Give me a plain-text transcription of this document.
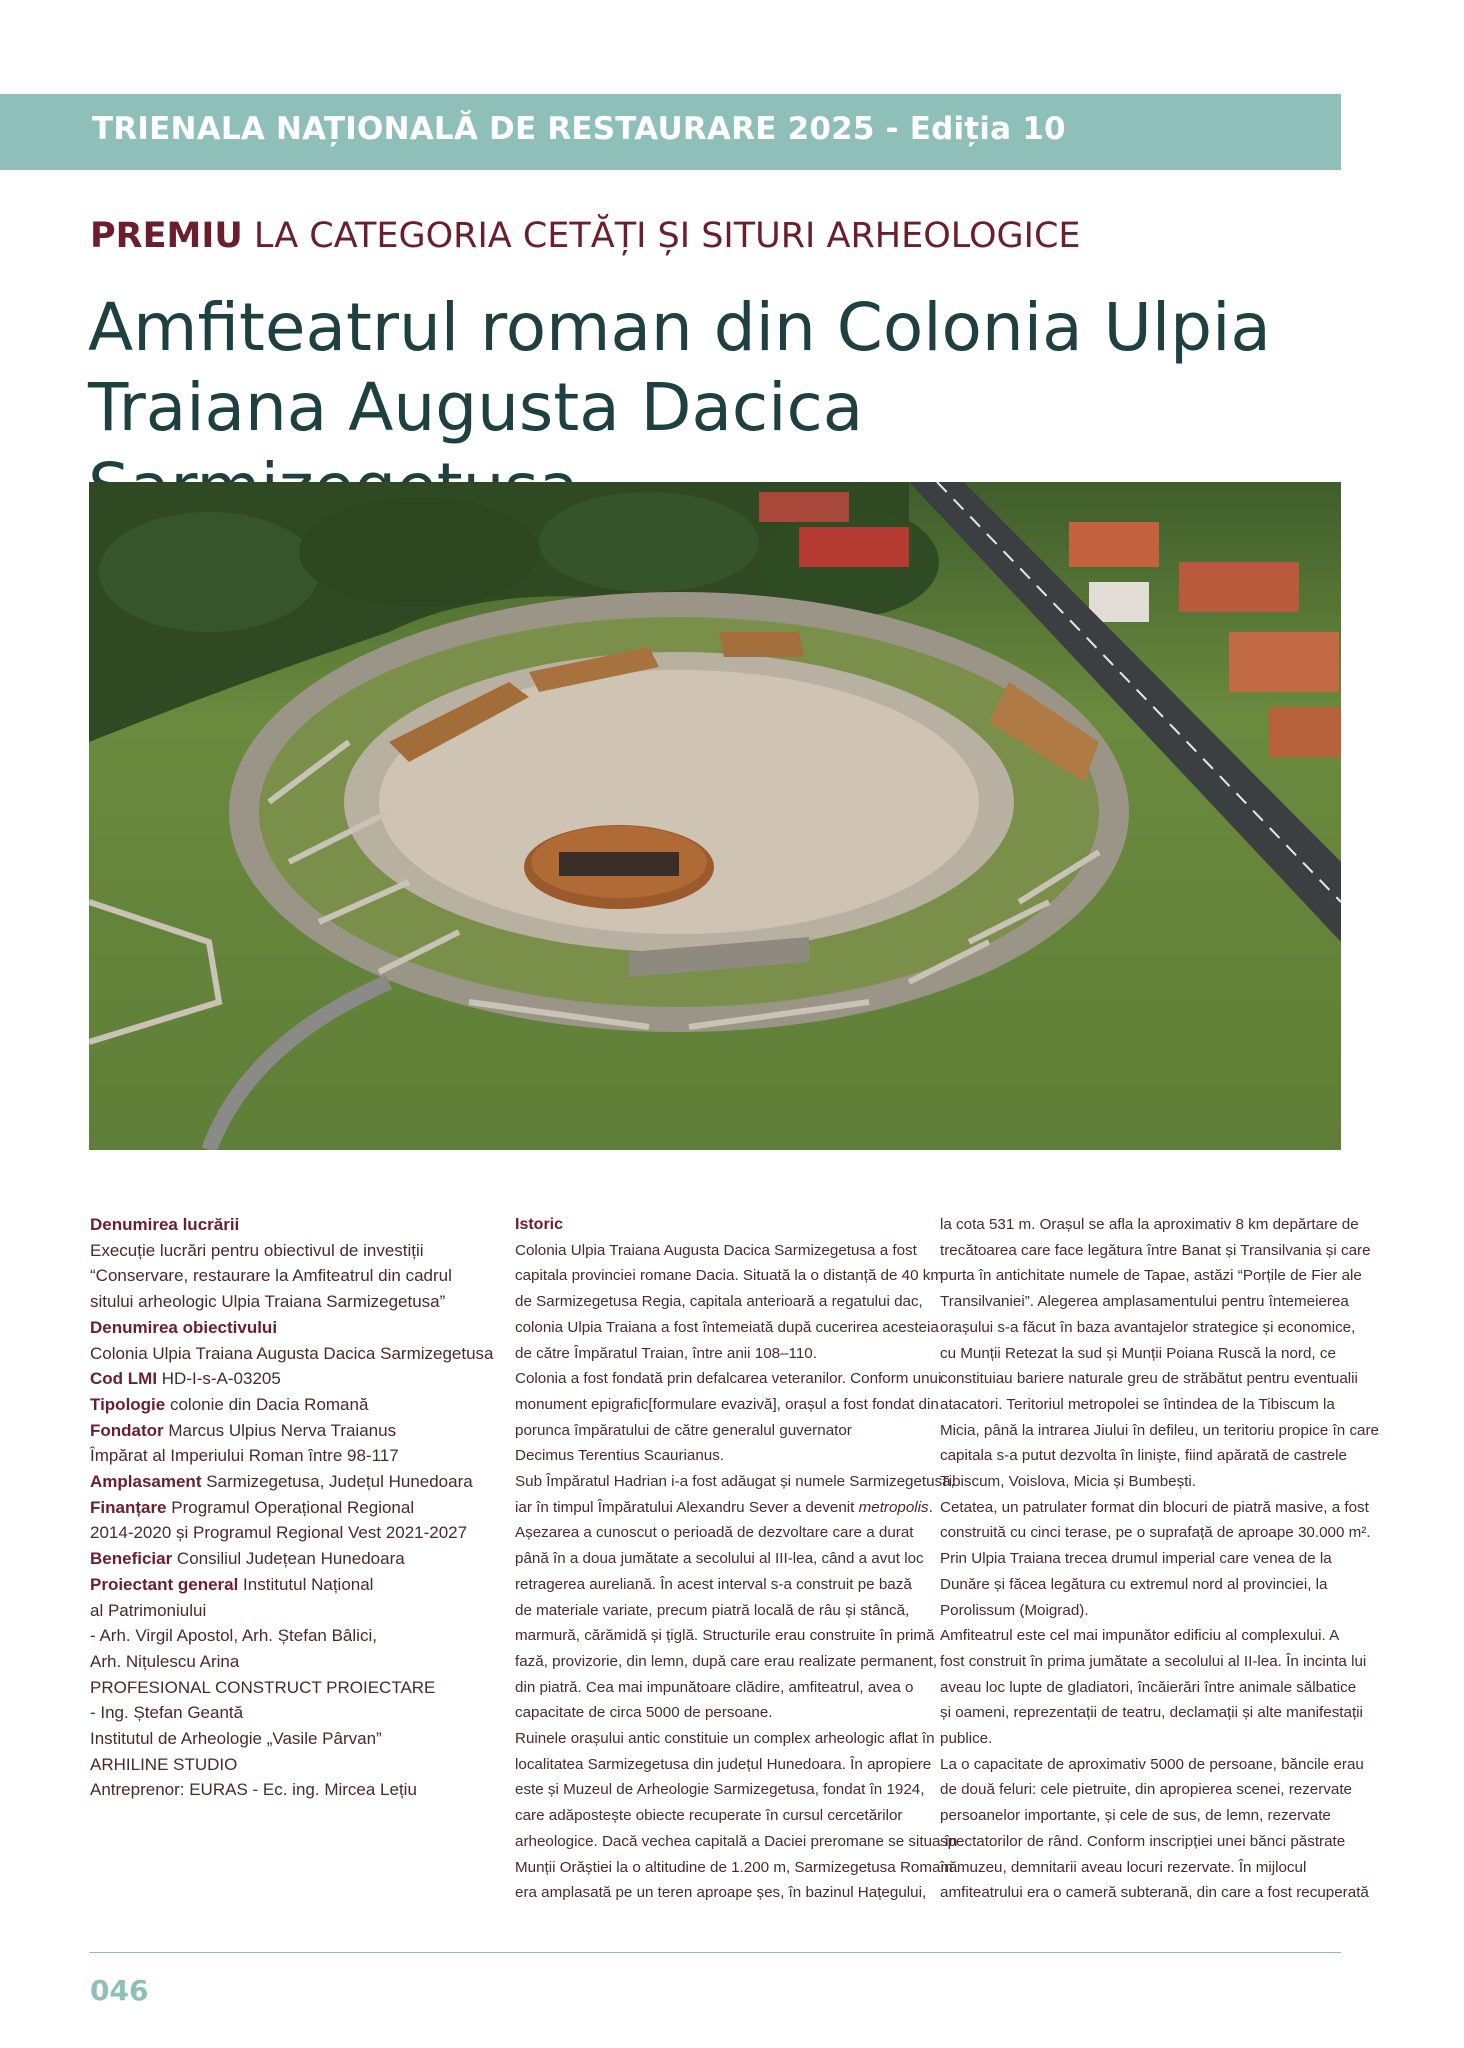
TRIENALA NAȚIONALĂ DE RESTAURARE 2025 - Ediția 10
PREMIU LA CATEGORIA CETĂȚI ȘI SITURI ARHEOLOGICE
Amfiteatrul roman din Colonia Ulpia Traiana Augusta Dacica
Denumirea lucrării
Execuție lucrări pentru obiectivul de investiții
“Conservare, restaurare la Amfiteatrul din cadrul
sitului arheologic Ulpia Traiana Sarmizegetusa”
Denumirea obiectivului
Colonia Ulpia Traiana Augusta Dacica Sarmizegetusa
Cod LMI HD-I-s-A-03205
Tipologie colonie din Dacia Romană
Fondator Marcus Ulpius Nerva Traianus
Împărat al Imperiului Roman între 98-117
Amplasament Sarmizegetusa, Județul Hunedoara
Finanțare Programul Operațional Regional
2014-2020 și Programul Regional Vest 2021-2027
Beneficiar Consiliul Județean Hunedoara
Proiectant general Institutul Național
al Patrimoniului
- Arh. Virgil Apostol, Arh. Ștefan Bâlici,
Arh. Nițulescu Arina
PROFESIONAL CONSTRUCT PROIECTARE
- Ing. Ștefan Geantă
Institutul de Arheologie „Vasile Pârvan”
ARHILINE STUDIO
Antreprenor: EURAS - Ec. ing. Mircea Lețiu
Istoric
Colonia Ulpia Traiana Augusta Dacica Sarmizegetusa a fost
capitala provinciei romane Dacia. Situată la o distanță de 40 km
de Sarmizegetusa Regia, capitala anterioară a regatului dac,
colonia Ulpia Traiana a fost întemeiată după cucerirea acesteia
de către Împăratul Traian, între anii 108–110.
Colonia a fost fondată prin defalcarea veteranilor. Conform unui
monument epigrafic[formulare evazivă], orașul a fost fondat din
porunca împăratului de către generalul guvernator
Decimus Terentius Scaurianus.
Sub Împăratul Hadrian i-a fost adăugat și numele Sarmizegetusa,
iar în timpul Împăratului Alexandru Sever a devenit metropolis.
Așezarea a cunoscut o perioadă de dezvoltare care a durat
până în a doua jumătate a secolului al III-lea, când a avut loc
retragerea aureliană. În acest interval s-a construit pe bază
de materiale variate, precum piatră locală de râu și stâncă,
marmură, cărămidă și țiglă. Structurile erau construite în primă
fază, provizorie, din lemn, după care erau realizate permanent,
din piatră. Cea mai impunătoare clădire, amfiteatrul, avea o
capacitate de circa 5000 de persoane.
Ruinele orașului antic constituie un complex arheologic aflat în
localitatea Sarmizegetusa din județul Hunedoara. În apropiere
este și Muzeul de Arheologie Sarmizegetusa, fondat în 1924,
care adăpostește obiecte recuperate în cursul cercetărilor
arheologice. Dacă vechea capitală a Daciei preromane se situa în
Munții Orăștiei la o altitudine de 1.200 m, Sarmizegetusa Romană
era amplasată pe un teren aproape șes, în bazinul Hațegului,
la cota 531 m. Orașul se afla la aproximativ 8 km depărtare de
trecătoarea care face legătura între Banat și Transilvania și care
purta în antichitate numele de Tapae, astăzi “Porțile de Fier ale
Transilvaniei”. Alegerea amplasamentului pentru întemeierea
orașului s-a făcut în baza avantajelor strategice și economice,
cu Munții Retezat la sud și Munții Poiana Ruscă la nord, ce
constituiau bariere naturale greu de străbătut pentru eventualii
atacatori. Teritoriul metropolei se întindea de la Tibiscum la
Micia, până la intrarea Jiului în defileu, un teritoriu propice în care
capitala s-a putut dezvolta în liniște, fiind apărată de castrele
Tibiscum, Voislova, Micia și Bumbești.
Cetatea, un patrulater format din blocuri de piatră masive, a fost
construită cu cinci terase, pe o suprafață de aproape 30.000 m².
Prin Ulpia Traiana trecea drumul imperial care venea de la
Dunăre și făcea legătura cu extremul nord al provinciei, la
Porolissum (Moigrad).
Amfiteatrul este cel mai impunător edificiu al complexului. A
fost construit în prima jumătate a secolului al II-lea. În incinta lui
aveau loc lupte de gladiatori, încăierări între animale sălbatice
și oameni, reprezentații de teatru, declamații și alte manifestații
publice.
La o capacitate de aproximativ 5000 de persoane, băncile erau
de două feluri: cele pietruite, din apropierea scenei, rezervate
persoanelor importante, și cele de sus, de lemn, rezervate
spectatorilor de rând. Conform inscripției unei bănci păstrate
în muzeu, demnitarii aveau locuri rezervate. În mijlocul
amfiteatrului era o cameră subterană, din care a fost recuperată
046
